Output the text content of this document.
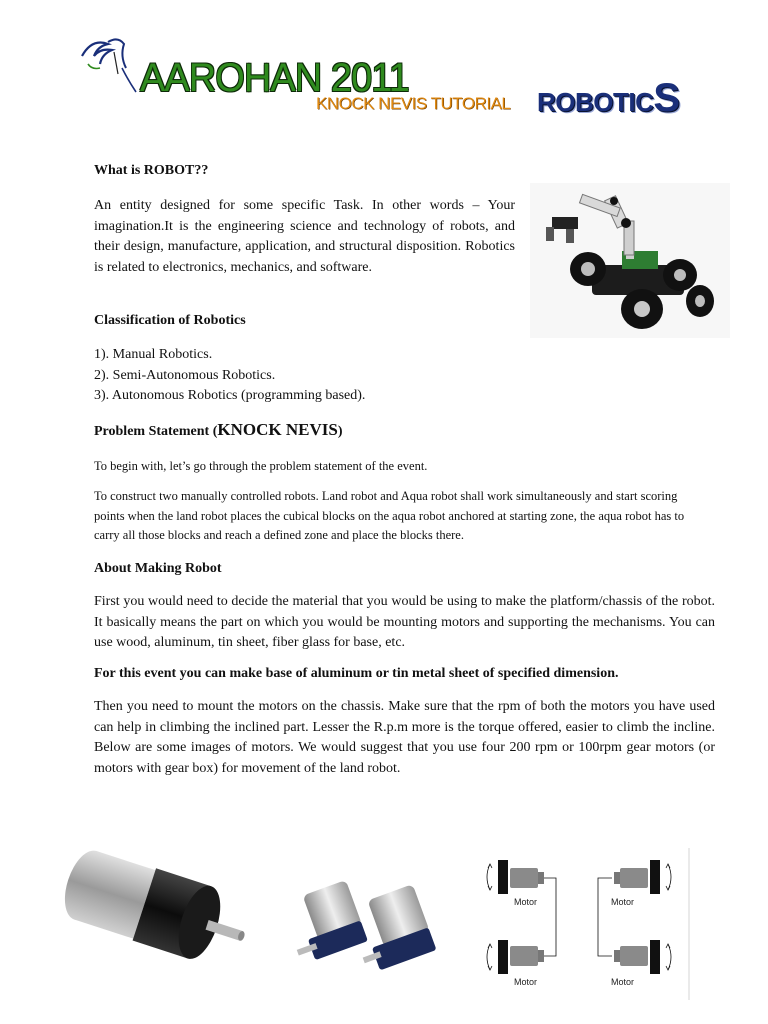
AAROHAN 2011
KNOCK NEVIS TUTORIAL ROBOTICS
What is ROBOT??
An entity designed for some specific Task. In other words – Your imagination.It is the engineering science and technology of robots, and their design, manufacture, application, and structural disposition. Robotics is related to electronics, mechanics, and software.
Classification of Robotics
1). Manual Robotics.
2). Semi-Autonomous Robotics.
3). Autonomous Robotics (programming based).
Problem Statement (KNOCK NEVIS)
To begin with, let’s go through the problem statement of the event.
To construct two manually controlled robots. Land robot and Aqua robot shall work simultaneously and start scoring points when the land robot places the cubical blocks on the aqua robot anchored at starting zone, the aqua robot has to carry all those blocks and reach a defined zone and place the blocks there.
About Making Robot
First you would need to decide the material that you would be using to make the platform/chassis of the robot. It basically means the part on which you would be mounting motors and supporting the mechanisms. You can use wood, aluminum, tin sheet, fiber glass for base, etc.
For this event you can make base of aluminum or tin metal sheet of specified dimension.
Then you need to mount the motors on the chassis. Make sure that the rpm of both the motors you have used can help in climbing the inclined part. Lesser the R.p.m more is the torque offered, easier to climb the incline. Below are some images of motors. We would suggest that you use four 200 rpm or 100rpm gear motors (or motors with gear box) for movement of the land robot.
Motor	Motor
Motor	Motor
